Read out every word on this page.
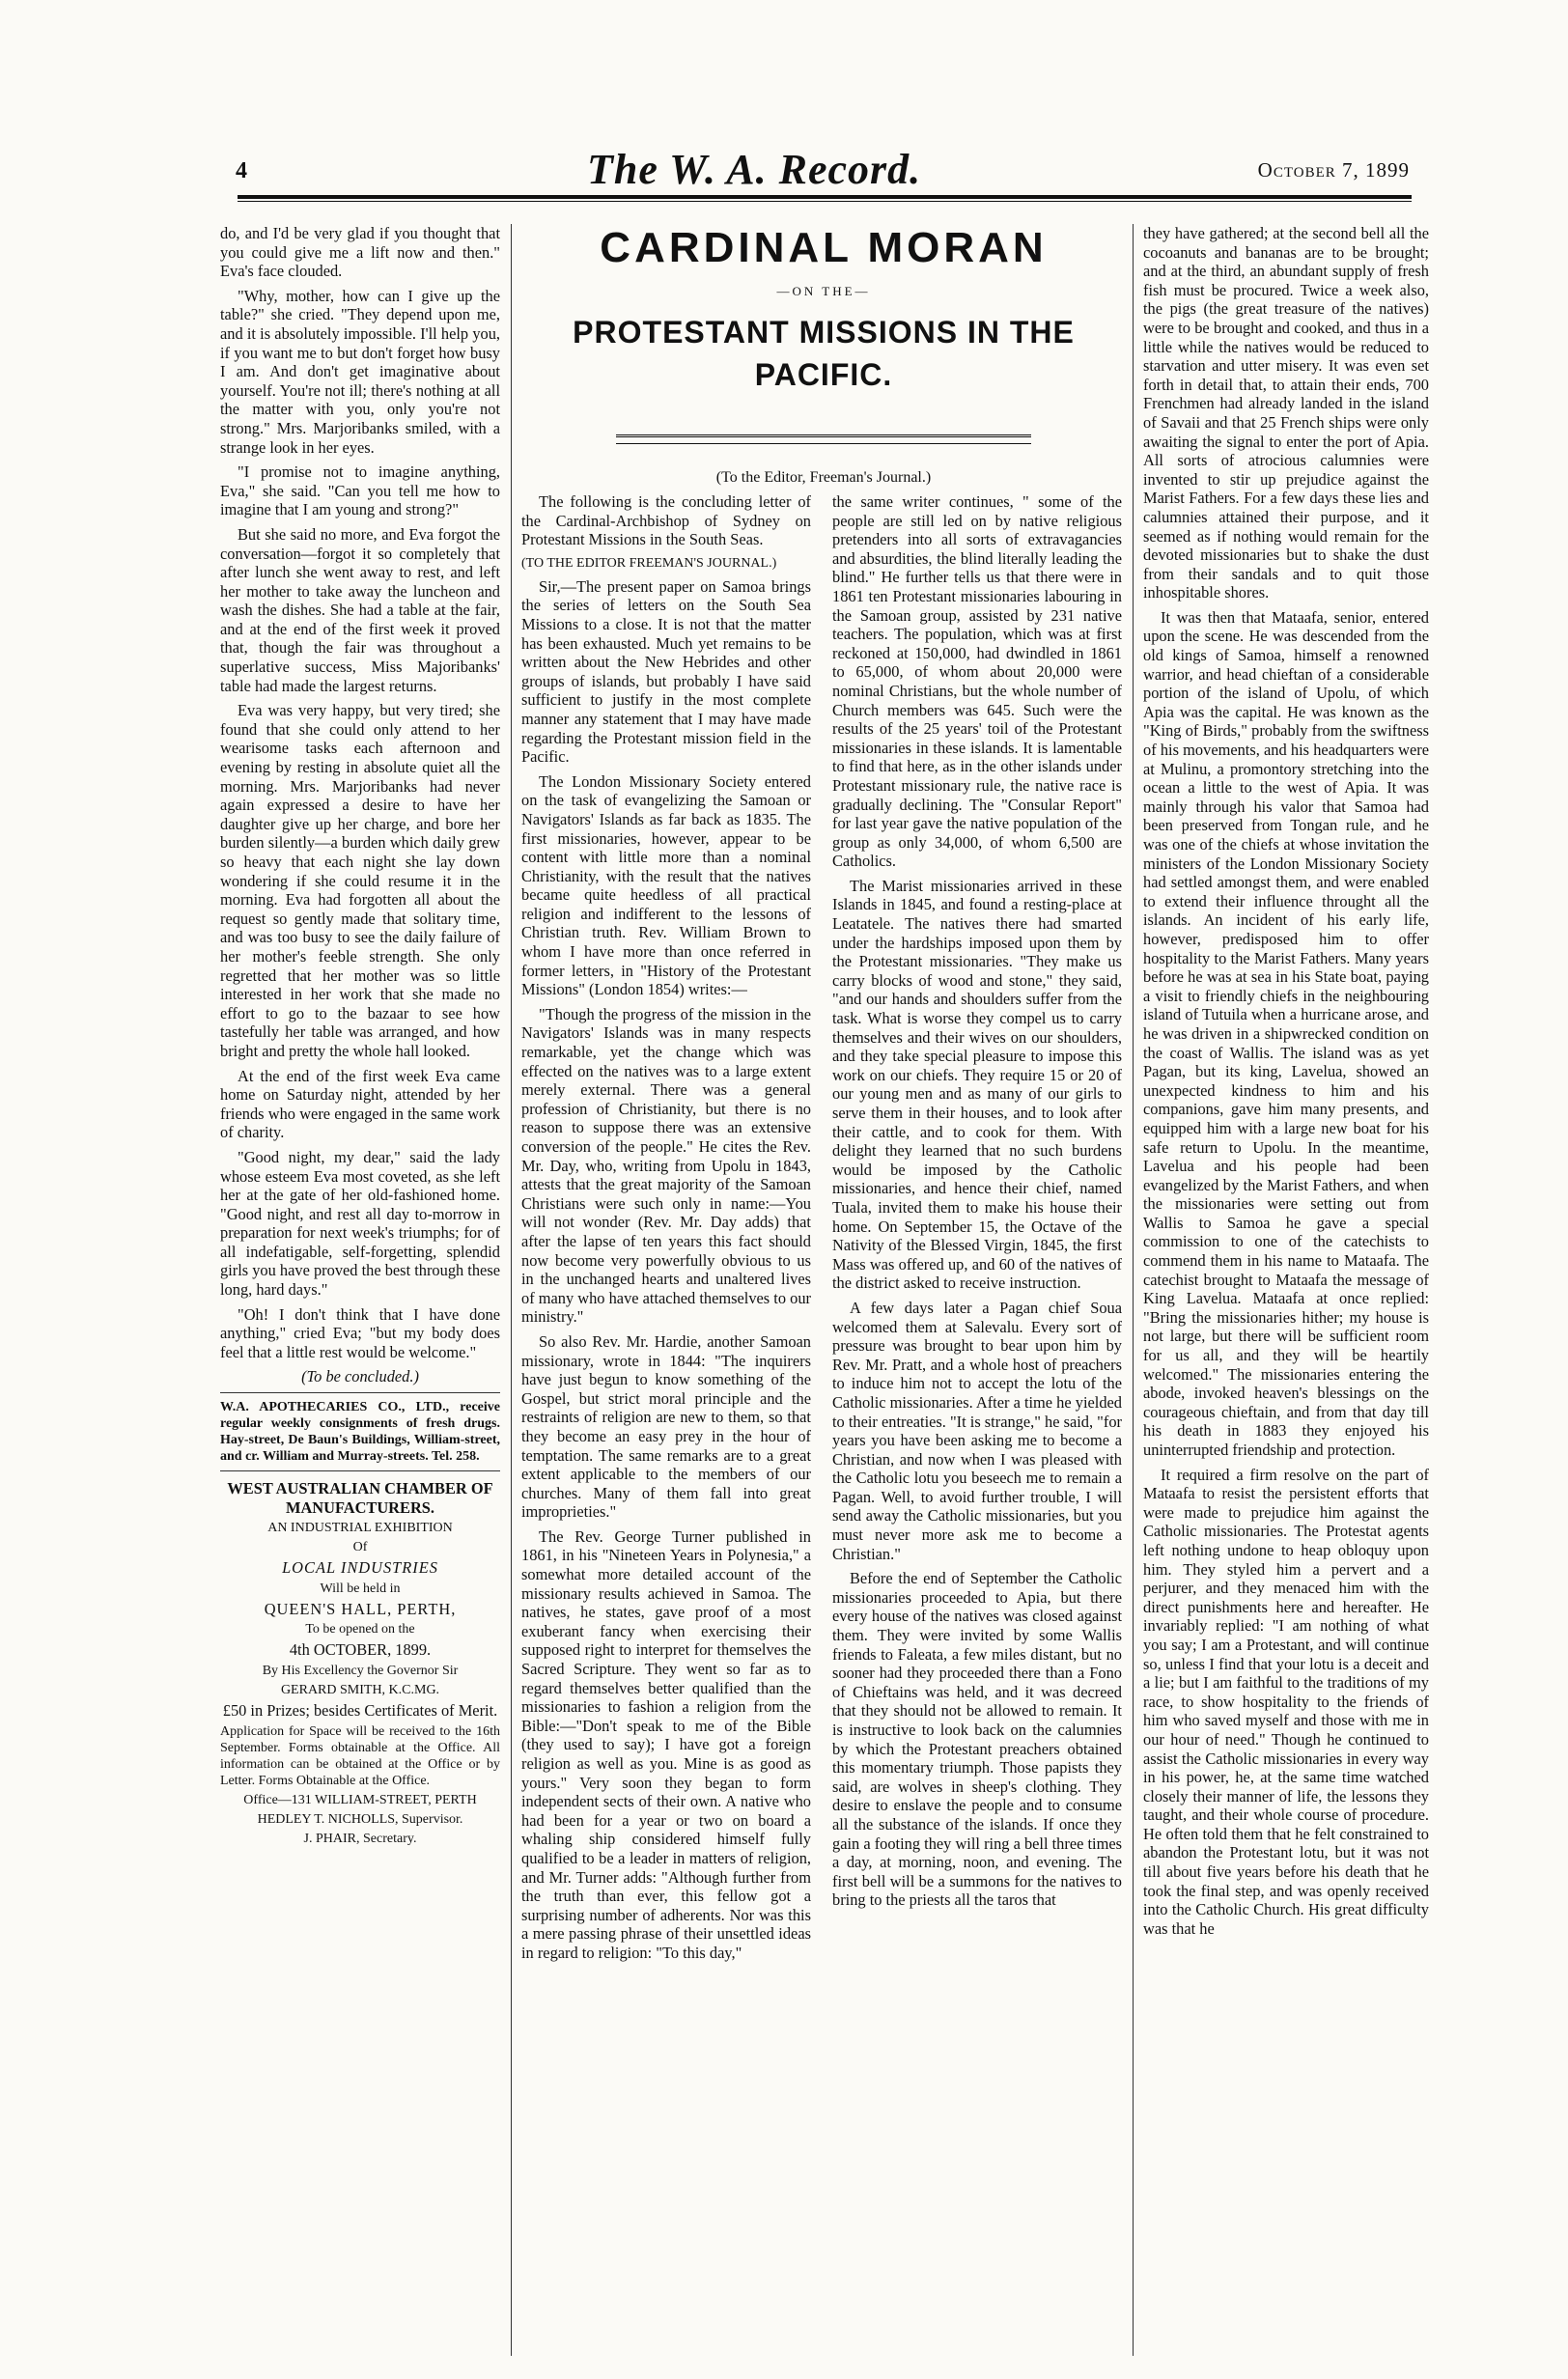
4	The W. A. Record.	October 7, 1899

do, and I'd be very glad if you thought that you could give me a lift now and then." Eva's face clouded.

"Why, mother, how can I give up the table?" she cried. "They depend upon me, and it is absolutely impossible. I'll help you, if you want me to but don't forget how busy I am. And don't get imaginative about yourself. You're not ill; there's nothing at all the matter with you, only you're not strong." Mrs. Marjoribanks smiled, with a strange look in her eyes.

"I promise not to imagine anything, Eva," she said. "Can you tell me how to imagine that I am young and strong?"

But she said no more, and Eva forgot the conversation—forgot it so completely that after lunch she went away to rest, and left her mother to take away the luncheon and wash the dishes. She had a table at the fair, and at the end of the first week it proved that, though the fair was throughout a superlative success, Miss Majoribanks' table had made the largest returns.

Eva was very happy, but very tired; she found that she could only attend to her wearisome tasks each afternoon and evening by resting in absolute quiet all the morning. Mrs. Marjoribanks had never again expressed a desire to have her daughter give up her charge, and bore her burden silently—a burden which daily grew so heavy that each night she lay down wondering if she could resume it in the morning. Eva had forgotten all about the request so gently made that solitary time, and was too busy to see the daily failure of her mother's feeble strength. She only regretted that her mother was so little interested in her work that she made no effort to go to the bazaar to see how tastefully her table was arranged, and how bright and pretty the whole hall looked.

At the end of the first week Eva came home on Saturday night, attended by her friends who were engaged in the same work of charity.

"Good night, my dear," said the lady whose esteem Eva most coveted, as she left her at the gate of her old-fashioned home. "Good night, and rest all day to-morrow in preparation for next week's triumphs; for of all indefatigable, self-forgetting, splendid girls you have proved the best through these long, hard days."

"Oh! I don't think that I have done anything," cried Eva; "but my body does feel that a little rest would be welcome."

(To be concluded.)

W.A. APOTHECARIES CO., LTD., receive regular weekly consignments of fresh drugs. Hay-street, De Baun's Buildings, William-street, and cr. William and Murray-streets. Tel. 258.

WEST AUSTRALIAN CHAMBER OF MANUFACTURERS.

AN INDUSTRIAL EXHIBITION

Of

LOCAL INDUSTRIES

Will be held in

QUEEN'S HALL, PERTH,

To be opened on the

4th OCTOBER, 1899.

By His Excellency the Governor Sir

GERARD SMITH, K.C.MG.

£50 in Prizes; besides Certificates of Merit.

Application for Space will be received to the 16th September. Forms obtainable at the Office. All information can be obtained at the Office or by Letter. Forms Obtainable at the Office.

Office—131 WILLIAM-STREET, PERTH

HEDLEY T. NICHOLLS, Supervisor.

J. PHAIR, Secretary.

CARDINAL MORAN
—ON THE—
PROTESTANT MISSIONS IN THE PACIFIC.
(To the Editor, Freeman's Journal.)

The following is the concluding letter of the Cardinal-Archbishop of Sydney on Protestant Missions in the South Seas.

(TO THE EDITOR FREEMAN'S JOURNAL.)

Sir,—The present paper on Samoa brings the series of letters on the South Sea Missions to a close. It is not that the matter has been exhausted. Much yet remains to be written about the New Hebrides and other groups of islands, but probably I have said sufficient to justify in the most complete manner any statement that I may have made regarding the Protestant mission field in the Pacific.

The London Missionary Society entered on the task of evangelizing the Samoan or Navigators' Islands as far back as 1835. The first missionaries, however, appear to be content with little more than a nominal Christianity, with the result that the natives became quite heedless of all practical religion and indifferent to the lessons of Christian truth. Rev. William Brown to whom I have more than once referred in former letters, in "History of the Protestant Missions" (London 1854) writes:—

"Though the progress of the mission in the Navigators' Islands was in many respects remarkable, yet the change which was effected on the natives was to a large extent merely external. There was a general profession of Christianity, but there is no reason to suppose there was an extensive conversion of the people." He cites the Rev. Mr. Day, who, writing from Upolu in 1843, attests that the great majority of the Samoan Christians were such only in name:—You will not wonder (Rev. Mr. Day adds) that after the lapse of ten years this fact should now become very powerfully obvious to us in the unchanged hearts and unaltered lives of many who have attached themselves to our ministry."

So also Rev. Mr. Hardie, another Samoan missionary, wrote in 1844: "The inquirers have just begun to know something of the Gospel, but strict moral principle and the restraints of religion are new to them, so that they become an easy prey in the hour of temptation. The same remarks are to a great extent applicable to the members of our churches. Many of them fall into great improprieties."

The Rev. George Turner published in 1861, in his "Nineteen Years in Polynesia," a somewhat more detailed account of the missionary results achieved in Samoa. The natives, he states, gave proof of a most exuberant fancy when exercising their supposed right to interpret for themselves the Sacred Scripture. They went so far as to regard themselves better qualified than the missionaries to fashion a religion from the Bible:—"Don't speak to me of the Bible (they used to say); I have got a foreign religion as well as you. Mine is as good as yours." Very soon they began to form independent sects of their own. A native who had been for a year or two on board a whaling ship considered himself fully qualified to be a leader in matters of religion, and Mr. Turner adds: "Although further from the truth than ever, this fellow got a surprising number of adherents. Nor was this a mere passing phrase of their unsettled ideas in regard to religion: "To this day,"

the same writer continues, " some of the people are still led on by native religious pretenders into all sorts of extravagancies and absurdities, the blind literally leading the blind." He further tells us that there were in 1861 ten Protestant missionaries labouring in the Samoan group, assisted by 231 native teachers. The population, which was at first reckoned at 150,000, had dwindled in 1861 to 65,000, of whom about 20,000 were nominal Christians, but the whole number of Church members was 645. Such were the results of the 25 years' toil of the Protestant missionaries in these islands. It is lamentable to find that here, as in the other islands under Protestant missionary rule, the native race is gradually declining. The "Consular Report" for last year gave the native population of the group as only 34,000, of whom 6,500 are Catholics.

The Marist missionaries arrived in these Islands in 1845, and found a resting-place at Leatatele. The natives there had smarted under the hardships imposed upon them by the Protestant missionaries. "They make us carry blocks of wood and stone," they said, "and our hands and shoulders suffer from the task. What is worse they compel us to carry themselves and their wives on our shoulders, and they take special pleasure to impose this work on our chiefs. They require 15 or 20 of our young men and as many of our girls to serve them in their houses, and to look after their cattle, and to cook for them. With delight they learned that no such burdens would be imposed by the Catholic missionaries, and hence their chief, named Tuala, invited them to make his house their home. On September 15, the Octave of the Nativity of the Blessed Virgin, 1845, the first Mass was offered up, and 60 of the natives of the district asked to receive instruction.

A few days later a Pagan chief Soua welcomed them at Salevalu. Every sort of pressure was brought to bear upon him by Rev. Mr. Pratt, and a whole host of preachers to induce him not to accept the lotu of the Catholic missionaries. After a time he yielded to their entreaties. "It is strange," he said, "for years you have been asking me to become a Christian, and now when I was pleased with the Catholic lotu you beseech me to remain a Pagan. Well, to avoid further trouble, I will send away the Catholic missionaries, but you must never more ask me to become a Christian."

Before the end of September the Catholic missionaries proceeded to Apia, but there every house of the natives was closed against them. They were invited by some Wallis friends to Faleata, a few miles distant, but no sooner had they proceeded there than a Fono of Chieftains was held, and it was decreed that they should not be allowed to remain. It is instructive to look back on the calumnies by which the Protestant preachers obtained this momentary triumph. Those papists they said, are wolves in sheep's clothing. They desire to enslave the people and to consume all the substance of the islands. If once they gain a footing they will ring a bell three times a day, at morning, noon, and evening. The first bell will be a summons for the natives to bring to the priests all the taros that

they have gathered; at the second bell all the cocoanuts and bananas are to be brought; and at the third, an abundant supply of fresh fish must be procured. Twice a week also, the pigs (the great treasure of the natives) were to be brought and cooked, and thus in a little while the natives would be reduced to starvation and utter misery. It was even set forth in detail that, to attain their ends, 700 Frenchmen had already landed in the island of Savaii and that 25 French ships were only awaiting the signal to enter the port of Apia. All sorts of atrocious calumnies were invented to stir up prejudice against the Marist Fathers. For a few days these lies and calumnies attained their purpose, and it seemed as if nothing would remain for the devoted missionaries but to shake the dust from their sandals and to quit those inhospitable shores.

It was then that Mataafa, senior, entered upon the scene. He was descended from the old kings of Samoa, himself a renowned warrior, and head chieftan of a considerable portion of the island of Upolu, of which Apia was the capital. He was known as the "King of Birds," probably from the swiftness of his movements, and his headquarters were at Mulinu, a promontory stretching into the ocean a little to the west of Apia. It was mainly through his valor that Samoa had been preserved from Tongan rule, and he was one of the chiefs at whose invitation the ministers of the London Missionary Society had settled amongst them, and were enabled to extend their influence throught all the islands. An incident of his early life, however, predisposed him to offer hospitality to the Marist Fathers. Many years before he was at sea in his State boat, paying a visit to friendly chiefs in the neighbouring island of Tutuila when a hurricane arose, and he was driven in a shipwrecked condition on the coast of Wallis. The island was as yet Pagan, but its king, Lavelua, showed an unexpected kindness to him and his companions, gave him many presents, and equipped him with a large new boat for his safe return to Upolu. In the meantime, Lavelua and his people had been evangelized by the Marist Fathers, and when the missionaries were setting out from Wallis to Samoa he gave a special commission to one of the catechists to commend them in his name to Mataafa. The catechist brought to Mataafa the message of King Lavelua. Mataafa at once replied: "Bring the missionaries hither; my house is not large, but there will be sufficient room for us all, and they will be heartily welcomed." The missionaries entering the abode, invoked heaven's blessings on the courageous chieftain, and from that day till his death in 1883 they enjoyed his uninterrupted friendship and protection.

It required a firm resolve on the part of Mataafa to resist the persistent efforts that were made to prejudice him against the Catholic missionaries. The Protestat agents left nothing undone to heap obloquy upon him. They styled him a pervert and a perjurer, and they menaced him with the direct punishments here and hereafter. He invariably replied: "I am nothing of what you say; I am a Protestant, and will continue so, unless I find that your lotu is a deceit and a lie; but I am faithful to the traditions of my race, to show hospitality to the friends of him who saved myself and those with me in our hour of need." Though he continued to assist the Catholic missionaries in every way in his power, he, at the same time watched closely their manner of life, the lessons they taught, and their whole course of procedure. He often told them that he felt constrained to abandon the Protestant lotu, but it was not till about five years before his death that he took the final step, and was openly received into the Catholic Church. His great difficulty was that he
